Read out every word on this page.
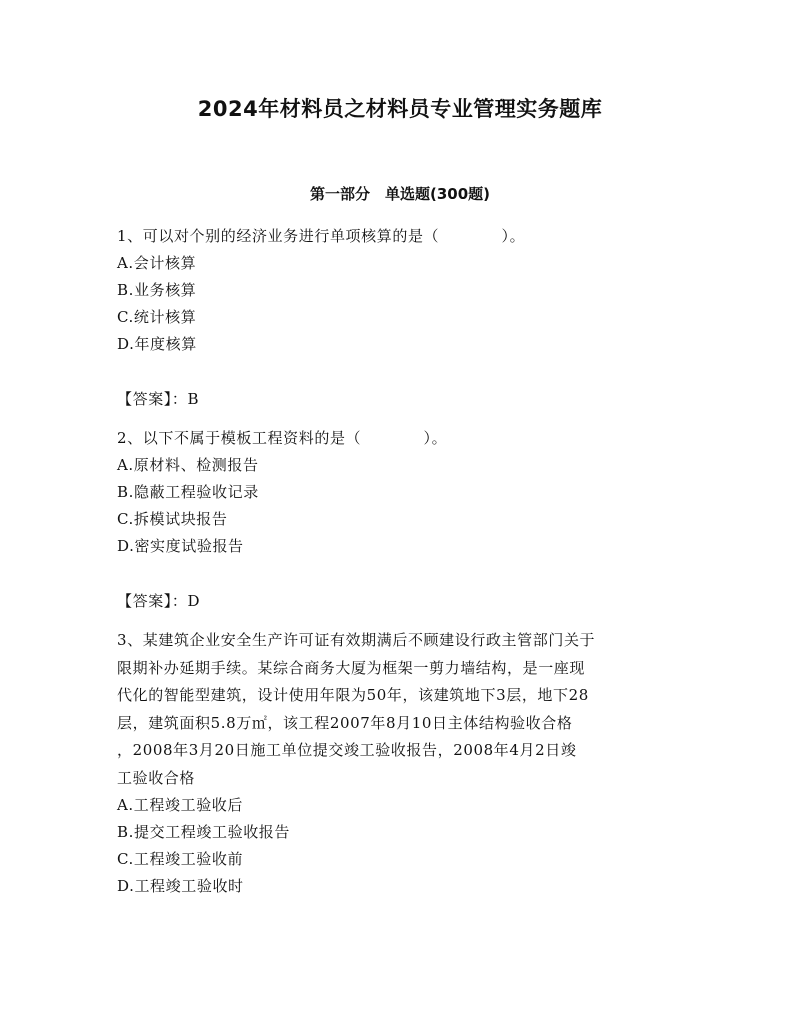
2024年材料员之材料员专业管理实务题库
第一部分　单选题(300题)

1、可以对个别的经济业务进行单项核算的是（　　　　）。

A.会计核算
B.业务核算
C.统计核算
D.年度核算

【答案】：B

2、以下不属于模板工程资料的是（　　　　）。

A.原材料、检测报告
B.隐蔽工程验收记录
C.拆模试块报告
D.密实度试验报告

【答案】：D

3、某建筑企业安全生产许可证有效期满后不顾建设行政主管部门关于

限期补办延期手续。某综合商务大厦为框架一剪力墙结构，是一座现

代化的智能型建筑，设计使用年限为50年，该建筑地下3层，地下28

层，建筑面积5.8万㎡，该工程2007年8月10日主体结构验收合格

，2008年3月20日施工单位提交竣工验收报告，2008年4月2日竣

工验收合格

A.工程竣工验收后
B.提交工程竣工验收报告
C.工程竣工验收前
D.工程竣工验收时
